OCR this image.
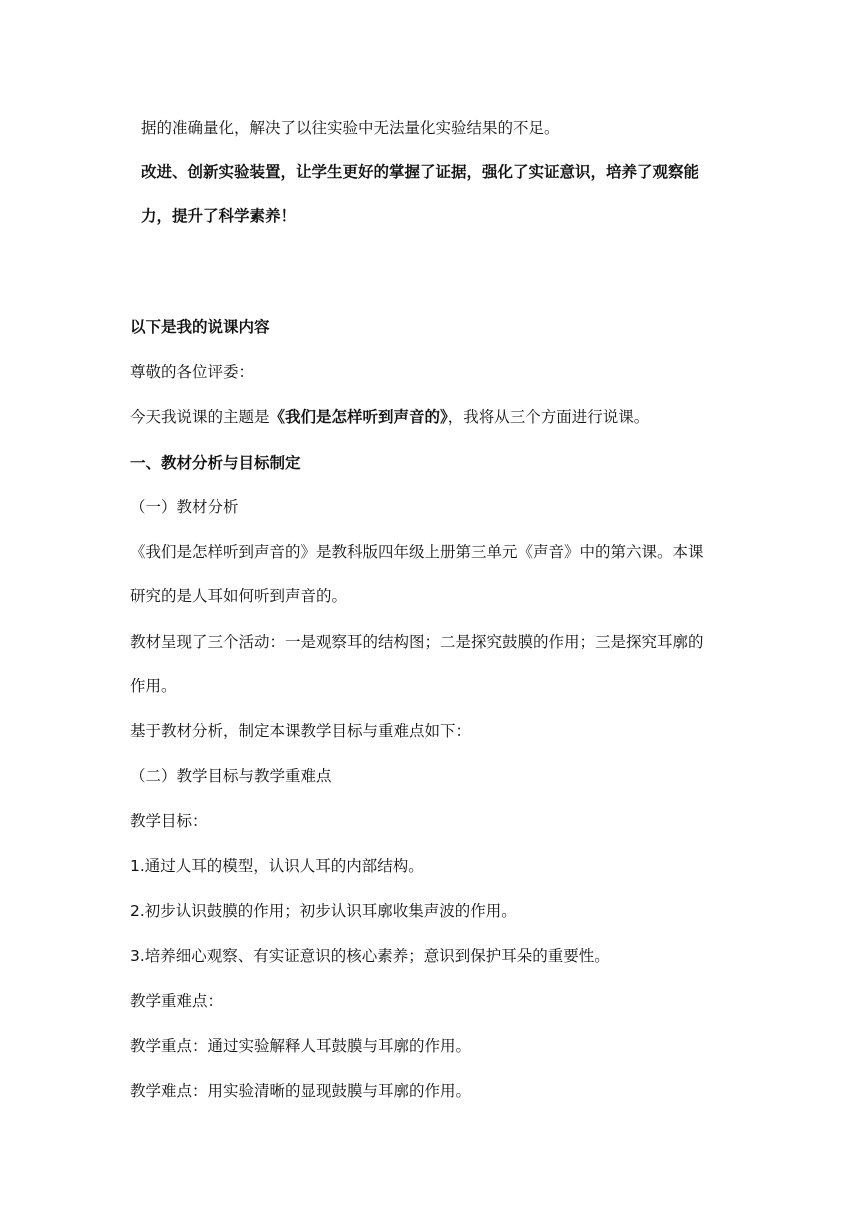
据的准确量化，解决了以往实验中无法量化实验结果的不足。
改进、创新实验装置，让学生更好的掌握了证据，强化了实证意识，培养了观察能
力，提升了科学素养！
以下是我的说课内容
尊敬的各位评委：
今天我说课的主题是《我们是怎样听到声音的》，我将从三个方面进行说课。
一、教材分析与目标制定
（一）教材分析
《我们是怎样听到声音的》是教科版四年级上册第三单元《声音》中的第六课。本课
研究的是人耳如何听到声音的。
教材呈现了三个活动：一是观察耳的结构图；二是探究鼓膜的作用；三是探究耳廓的
作用。
基于教材分析，制定本课教学目标与重难点如下：
（二）教学目标与教学重难点
教学目标：
1.通过人耳的模型，认识人耳的内部结构。
2.初步认识鼓膜的作用；初步认识耳廓收集声波的作用。
3.培养细心观察、有实证意识的核心素养；意识到保护耳朵的重要性。
教学重难点：
教学重点：通过实验解释人耳鼓膜与耳廓的作用。
教学难点：用实验清晰的显现鼓膜与耳廓的作用。
